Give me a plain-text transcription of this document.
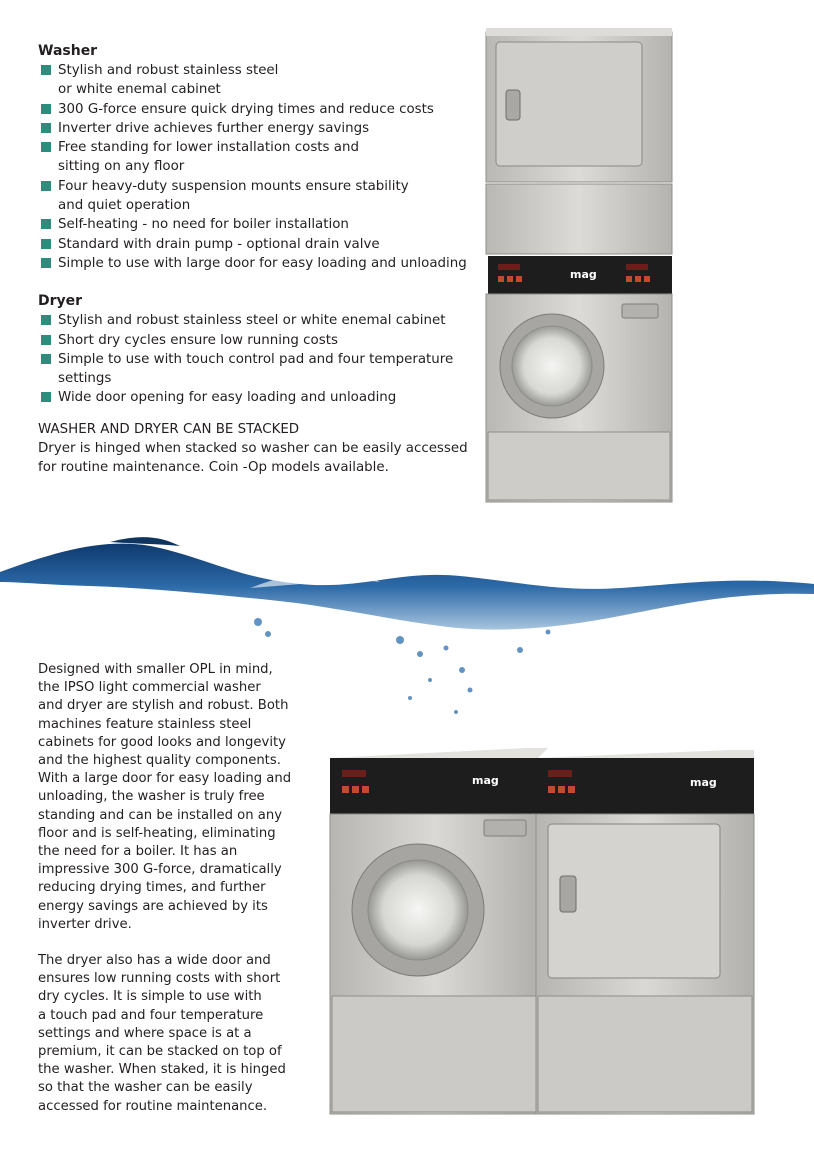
Washer
Stylish and robust stainless steel
or white enemal cabinet
300 G-force ensure quick drying times and reduce costs
Inverter drive achieves further energy savings
Free standing for lower installation costs and
sitting on any floor
Four heavy-duty suspension mounts ensure stability
and quiet operation
Self-heating - no need for boiler installation
Standard with drain pump - optional drain valve
Simple to use with large door for easy loading and unloading
Dryer
Stylish and robust stainless steel or white enemal cabinet
Short dry cycles ensure low running costs
Simple to use with touch control pad and four temperature
settings
Wide door opening for easy loading and unloading
WASHER AND DRYER CAN BE STACKED
Dryer is hinged when stacked so washer can be easily accessed
for routine maintenance. Coin -Op models available.
mag

Designed with smaller OPL in mind,
the IPSO light commercial washer
and dryer are stylish and robust. Both
machines feature stainless steel
cabinets for good looks and longevity
and the highest quality components.
With a large door for easy loading and
unloading, the washer is truly free
standing and can be installed on any
floor and is self-heating, eliminating
the need for a boiler. It has an
impressive 300 G-force, dramatically
reducing drying times, and further
energy savings are achieved by its
inverter drive.

The dryer also has a wide door and
ensures low running costs with short
dry cycles. It is simple to use with
a touch pad and four temperature
settings and where space is at a
premium, it can be stacked on top of
the washer. When staked, it is hinged
so that the washer can be easily
accessed for routine maintenance.

mag	mag
